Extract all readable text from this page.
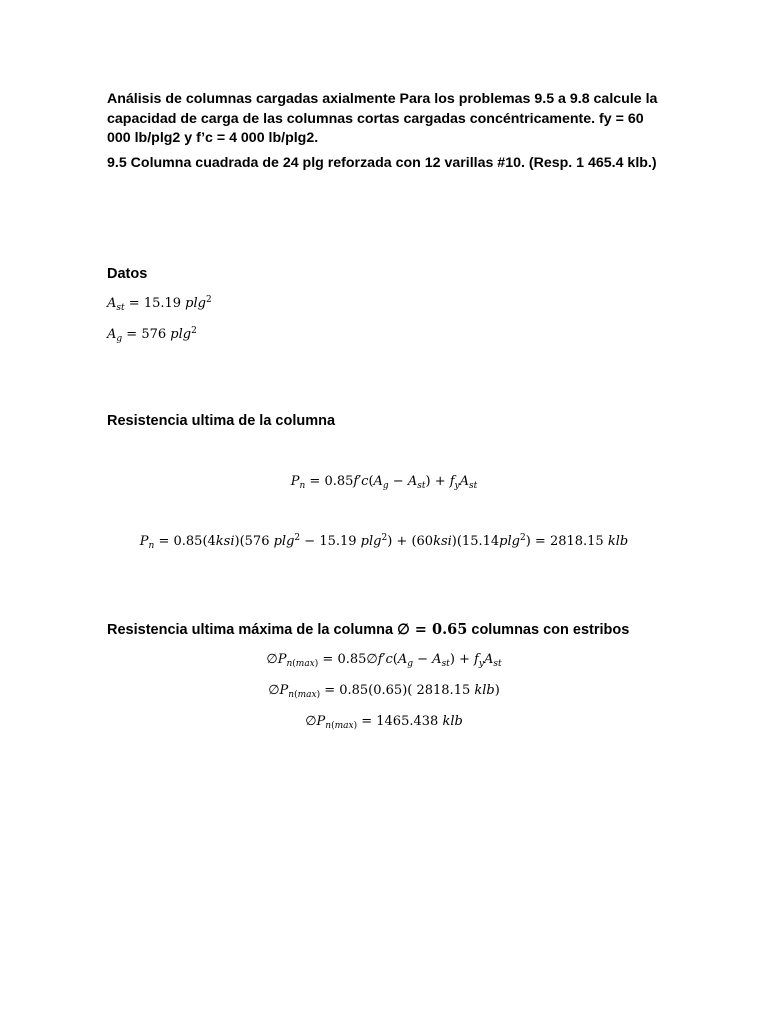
Análisis de columnas cargadas axialmente Para los problemas 9.5 a 9.8 calcule la capacidad de carga de las columnas cortas cargadas concéntricamente. fy = 60 000 lb/plg2 y f’c = 4 000 lb/plg2.

9.5 Columna cuadrada de 24 plg reforzada con 12 varillas #10. (Resp. 1 465.4 klb.)

Datos

$A_{st} = 15.19$ plg$^2$
$A_g = 576$ plg$^2$

Resistencia ultima de la columna

$P_n = 0.85f'c(A_g - A_{st}) + f_yA_{st}$
$P_n = 0.85(4ksi)(576$ plg$^2$ − 15.19 plg$^2$) + (60ksi)(15.14plg$^2$) = 2818.15 klb

Resistencia ultima máxima de la columna ∅ = 0.65 columnas con estribos

$\emptyset P_{n(max)}$ = $0.85\emptyset f'c(A_g - A_{st}) + f_yA_{st}$
$\emptyset P_{n(max)} = 0.85(0.65)$( 2818.15 klb)
$\emptyset P_{n(max)} = 1465.438$ klb
